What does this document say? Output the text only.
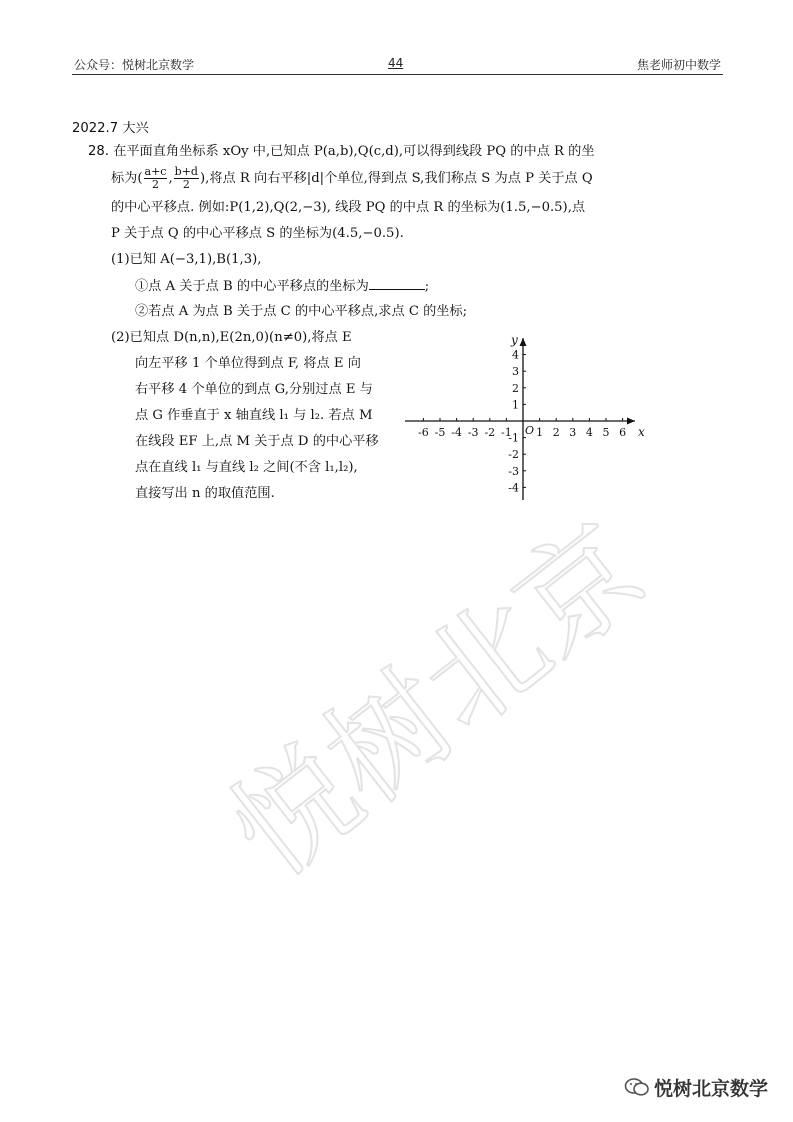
公众号：悦树北京数学	44	焦老师初中数学
悦树北京
2022.7 大兴
28. 在平面直角坐标系 xOy 中,已知点 P(a,b),Q(c,d),可以得到线段 PQ 的中点 R 的坐
标为( $\frac{a+c}{2}$ , $\frac{b+d}{2}$ ),将点 R 向右平移|d|个单位,得到点 S,我们称点 S 为点 P 关于点 Q
的中心平移点. 例如:P(1,2),Q(2,−3), 线段 PQ 的中点 R 的坐标为(1.5,−0.5),点
P 关于点 Q 的中心平移点 S 的坐标为(4.5,−0.5).
(1)已知 A(−3,1),B(1,3),
①点 A 关于点 B 的中心平移点的坐标为	;
②若点 A 为点 B 关于点 C 的中心平移点,求点 C 的坐标;
(2)已知点 D(n,n),E(2n,0)(n≠0),将点 E
向左平移 1 个单位得到点 F, 将点 E 向
右平移 4 个单位的到点 G,分别过点 E 与
点 G 作垂直于 x 轴直线 l₁ 与 l₂. 若点 M
在线段 EF 上,点 M 关于点 D 的中心平移
点在直线 l₁ 与直线 l₂ 之间(不含 l₁,l₂),
直接写出 n 的取值范围.
-6 -5 -4 -3 -2 -1 1 2 3 4 5 6
4
3
2
1
-1
-2
-3
-4
O	x
y
悦树北京数学
